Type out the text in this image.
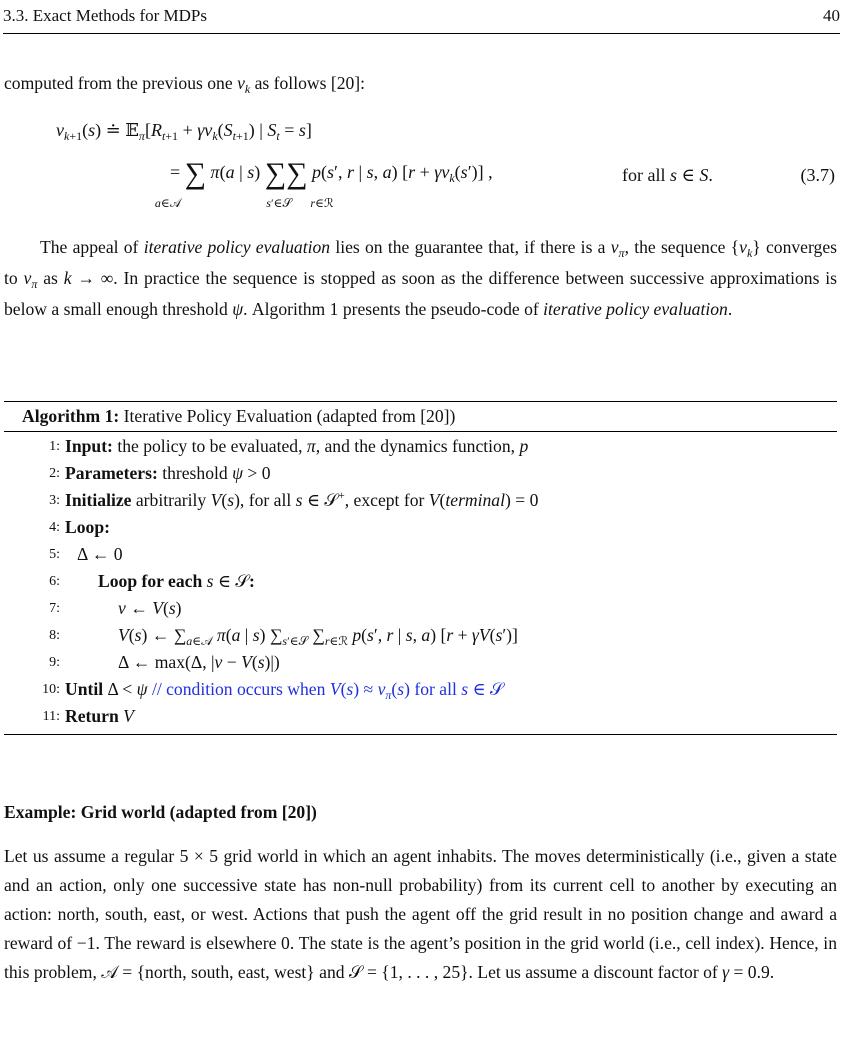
3.3. Exact Methods for MDPs	40
computed from the previous one $v_k$ as follows [20]:
$v_{k+1}(s)$ ≐ $𝔼_\pi[R_{t+1} + \gamma v_k(S_{t+1})$ | $S_t = s$]
= ∑ π(a | s) ∑∑ p(s′, r | s, a) $[r + \gamma v_k(s')]$ ,
a∈𝒜	s′∈𝒮	r∈ℛ
for all s ∈ S.	(3.7)
The appeal of iterative policy evaluation lies on the guarantee that, if there is a $v_\pi$, the sequence $\{v_k\}$ converges to $v_\pi$ as k → ∞. In practice the sequence is stopped as soon as the difference between successive approximations is below a small enough threshold ψ. Algorithm 1 presents the pseudo-code of iterative policy evaluation.
Algorithm 1: Iterative Policy Evaluation (adapted from [20])
1: Input: the policy to be evaluated, π, and the dynamics function, p
2: Parameters: threshold ψ > 0
3: Initialize arbitrarily V(s), for all s ∈ 𝒮+, except for V(terminal) = 0
4: Loop:
5: Δ ← 0
6: Loop for each s ∈ 𝒮:
7:	v ← V(s)
8:	V(s) ← $\sum_{a\in 𝒜}$ π(a | s) $\sum_{s'\in 𝒮}$ $\sum_{r\in ℛ}$ p(s′, r | s, a) [r + γV(s′)]
9:	Δ ← max(Δ, |v − V(s)|)
10: Until Δ < ψ // condition occurs when $V(s) \approx v_\pi(s)$ for all s ∈ 𝒮
11: Return V
Example: Grid world (adapted from [20])
Let us assume a regular 5 × 5 grid world in which an agent inhabits. The moves deterministically (i.e., given a state and an action, only one successive state has non-null probability) from its current cell to another by executing an action: north, south, east, or west. Actions that push the agent off the grid result in no position change and award a reward of −1. The reward is elsewhere 0. The state is the agent’s position in the grid world (i.e., cell index). Hence, in this problem, 𝒜 = {north, south, east, west} and 𝒮 = {1, . . . , 25}. Let us assume a discount factor of γ = 0.9.
